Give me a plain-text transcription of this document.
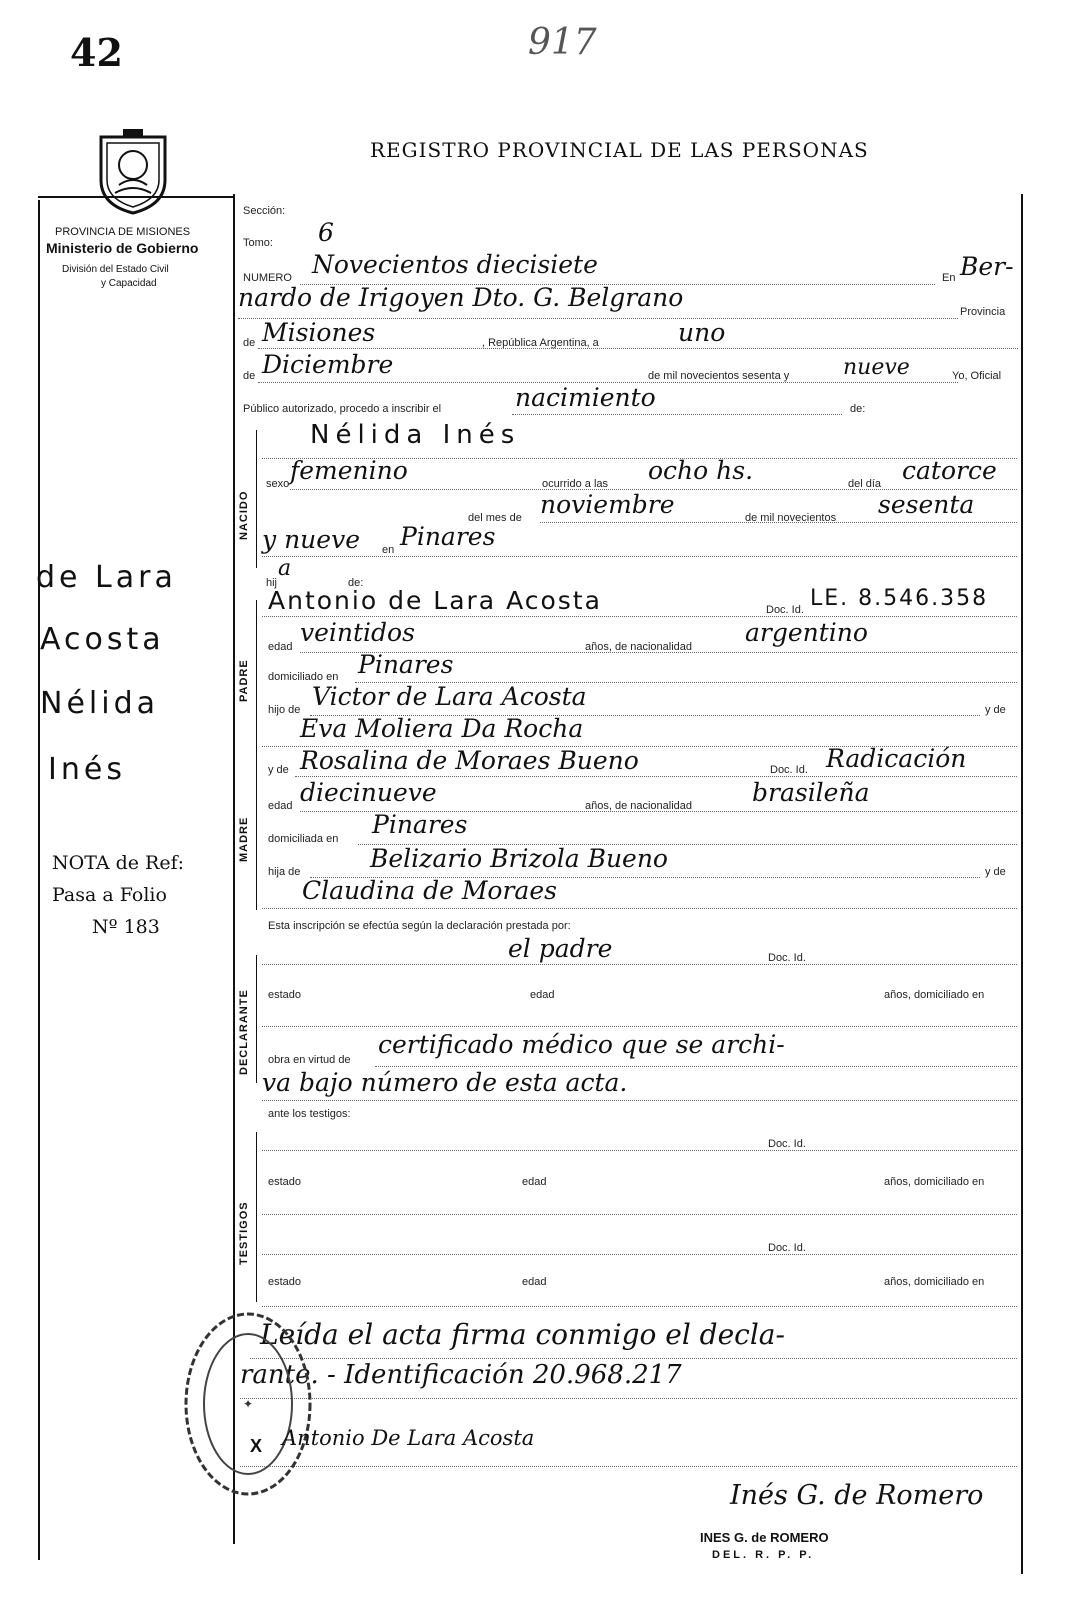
42	917
PROVINCIA DE MISIONES
Ministerio de Gobierno
División del Estado Civil
y Capacidad
REGISTRO PROVINCIAL DE LAS PERSONAS
NACIDO
PADRE
MADRE
DECLARANTE
TESTIGOS
Sección:
Tomo: 6
NUMERO Novecientos diecisiete	En Ber-
nardo de Irigoyen Dto. G. Belgrano	Provincia
de Misiones	, República Argentina, a	uno
de Diciembre	de mil novecientos sesenta y nueve	Yo, Oficial
Público autorizado, procedo a inscribir el	nacimiento	de:
Nélida Inés
sexo femenino	ocurrido a las ocho hs.	del día catorce
del mes de noviembre	de mil novecientos sesenta
y nueve en Pinares
hij
a
de:
Antonio de Lara Acosta	Doc. Id. LE. 8.546.358
edad veintidos	años, de nacionalidad argentino
domiciliado en Pinares
hijo de Victor de Lara Acosta	y de
Eva Moliera Da Rocha
y de Rosalina de Moraes Bueno	Doc. Id. Radicación
edad diecinueve	años, de nacionalidad brasileña
domiciliada en Pinares
hija de	Belizario Brizola Bueno	y de
Claudina de Moraes
Esta inscripción se efectúa según la declaración prestada por:
el padre	Doc. Id.
estado	edad	años, domiciliado en
obra en virtud de
certificado médico que se archi-
va bajo número de esta acta.
ante los testigos:
Doc. Id.
estado	edad	años, domiciliado en
Doc. Id.
estado	edad	años, domiciliado en
Leída el acta firma conmigo el decla-
rante. - Identificación 20.968.217
✦
X Antonio De Lara Acosta
Inés G. de Romero
INES G. de ROMERO
DEL. R. P. P.
de Lara
Acosta
Nélida
Inés
NOTA de Ref:
Pasa a Folio
Nº 183
